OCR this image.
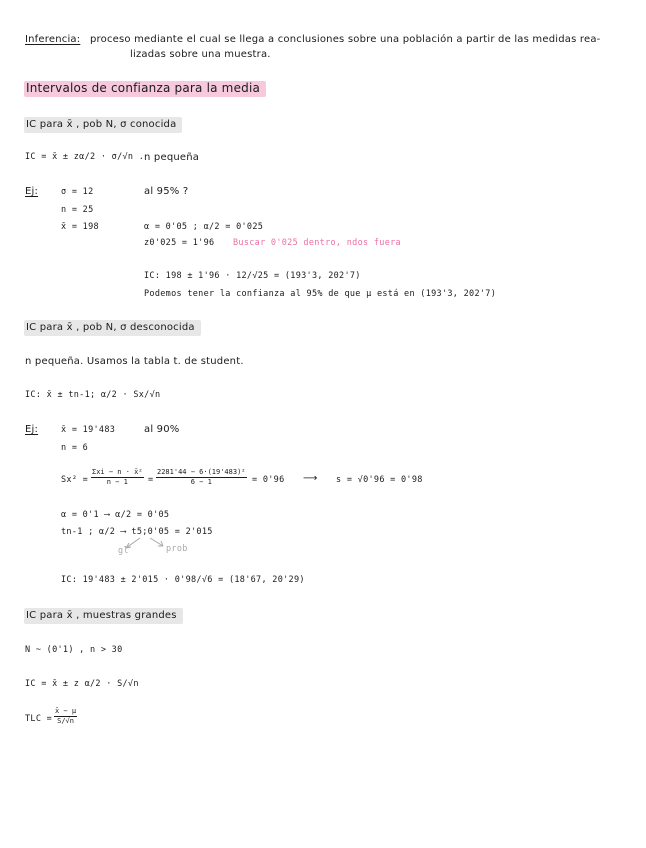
Inferencia: proceso mediante el cual se llega a conclusiones sobre una población a partir de las medidas rea-
lizadas sobre una muestra.
Intervalos de confianza para la media
IC para x̄ , pob N, σ conocida
IC = x̄ ± zα/2 · σ/√n . n pequeña
Ej:	σ = 12	al 95% ?
n = 25
x̄ = 198	α = 0'05 ; α/2 = 0'025
z0'025 = 1'96 Buscar 0'025 dentro, ndos fuera
IC: 198 ± 1'96 · 12/√25 = (193'3, 202'7)
Podemos tener la confianza al 95% de que μ está en (193'3, 202'7)
IC para x̄ , pob N, σ desconocida
n pequeña. Usamos la tabla t. de student.
IC: x̄ ± tn-1; α/2 · Sx/√n
Ej:	x̄ = 19'483	al 90%
n = 6
Sx² =
Σxi − n · x̄²
n − 1	= $\frac{\text{2281'44 − 6·(19'483)²}}{6 - 1} = 0'96$ ⟶ s = √0'96 = 0'98
α = 0'1 ⟶ α/2 = 0'05
tn-1 ; α/2 ⟶ t5;0'05 = 2'015
gl	prob
IC: 19'483 ± 2'015 · 0'98/√6 = (18'67, 20'29)
IC para x̄ , muestras grandes
N ~ (0'1) , n > 30
IC = x̄ ± z α/2 · S/√n
TLC = $\frac{x̄ - \mu}{S/√n}$
